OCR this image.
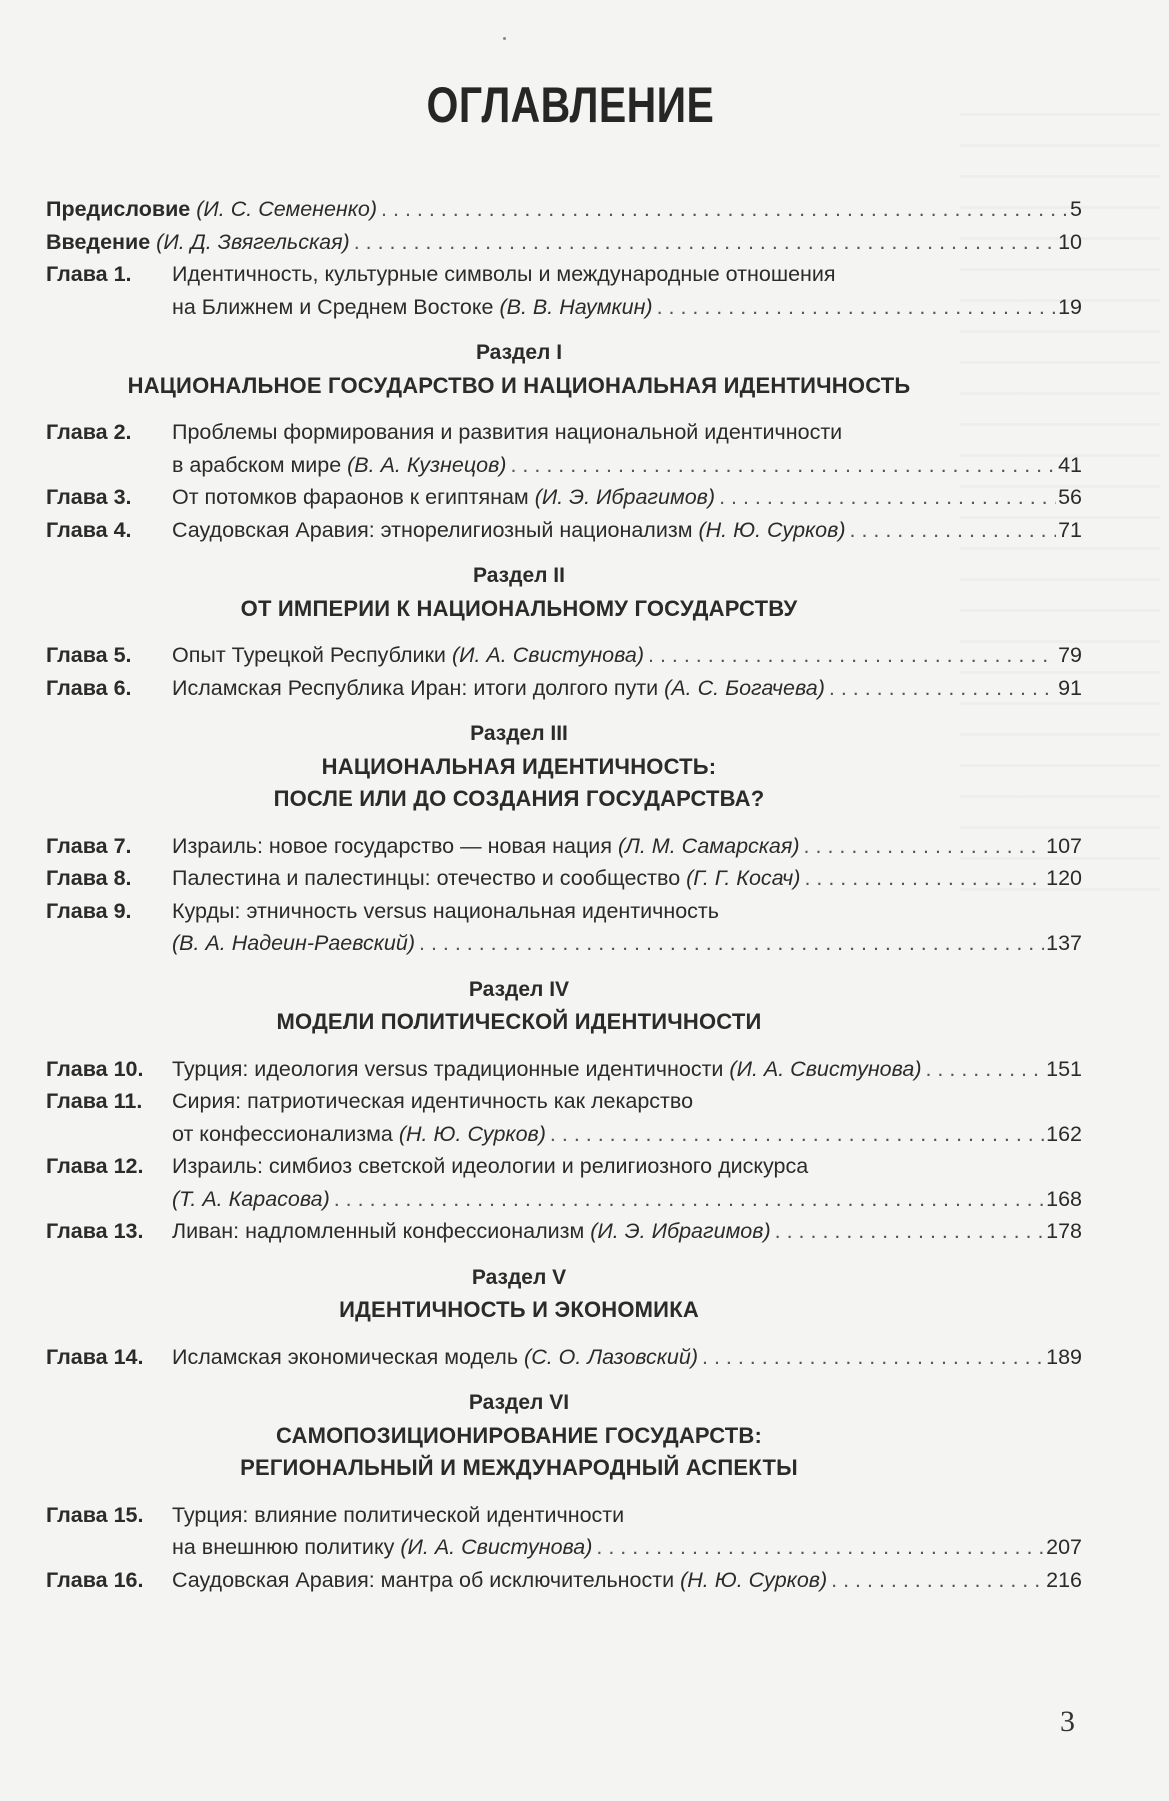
ОГЛАВЛЕНИЕ
Предисловие (И. С. Семененко) . . .	5
Введение (И. Д. Звягельская) . . .	10
Глава 1.	Идентичность, культурные символы и международные отношения
на Ближнем и Среднем Востоке (В. В. Наумкин) . . .	19
Раздел I
НАЦИОНАЛЬНОЕ ГОСУДАРСТВО И НАЦИОНАЛЬНАЯ ИДЕНТИЧНОСТЬ
Глава 2.	Проблемы формирования и развития национальной идентичности
в арабском мире (В. А. Кузнецов) . . .	41
Глава 3.	От потомков фараонов к египтянам (И. Э. Ибрагимов) . . .	56
Глава 4.	Саудовская Аравия: этнорелигиозный национализм (Н. Ю. Сурков) . . .	71
Раздел II
ОТ ИМПЕРИИ К НАЦИОНАЛЬНОМУ ГОСУДАРСТВУ
Глава 5.	Опыт Турецкой Республики (И. А. Свистунова) . . .	79
Глава 6.	Исламская Республика Иран: итоги долгого пути (А. С. Богачева) . . .	91
Раздел III
НАЦИОНАЛЬНАЯ ИДЕНТИЧНОСТЬ:
ПОСЛЕ ИЛИ ДО СОЗДАНИЯ ГОСУДАРСТВА?
Глава 7.	Израиль: новое государство — новая нация (Л. М. Самарская) . . .	107
Глава 8.	Палестина и палестинцы: отечество и сообщество (Г. Г. Косач) . . .	120
Глава 9.	Курды: этничность versus национальная идентичность
(В. А. Надеин-Раевский) . . .	137
Раздел IV
МОДЕЛИ ПОЛИТИЧЕСКОЙ ИДЕНТИЧНОСТИ
Глава 10.	Турция: идеология versus традиционные идентичности (И. А. Свистунова) . . .	151
Глава 11.	Сирия: патриотическая идентичность как лекарство
от конфессионализма (Н. Ю. Сурков) . . .	162
Глава 12.	Израиль: симбиоз светской идеологии и религиозного дискурса
(Т. А. Карасова) . . .	168
Глава 13.	Ливан: надломленный конфессионализм (И. Э. Ибрагимов) . . .	178
Раздел V
ИДЕНТИЧНОСТЬ И ЭКОНОМИКА
Глава 14.	Исламская экономическая модель (С. О. Лазовский) . . .	189
Раздел VI
САМОПОЗИЦИОНИРОВАНИЕ ГОСУДАРСТВ:
РЕГИОНАЛЬНЫЙ И МЕЖДУНАРОДНЫЙ АСПЕКТЫ
Глава 15.	Турция: влияние политической идентичности
на внешнюю политику (И. А. Свистунова) . . .	207
Глава 16.	Саудовская Аравия: мантра об исключительности (Н. Ю. Сурков) . . .	216
3
